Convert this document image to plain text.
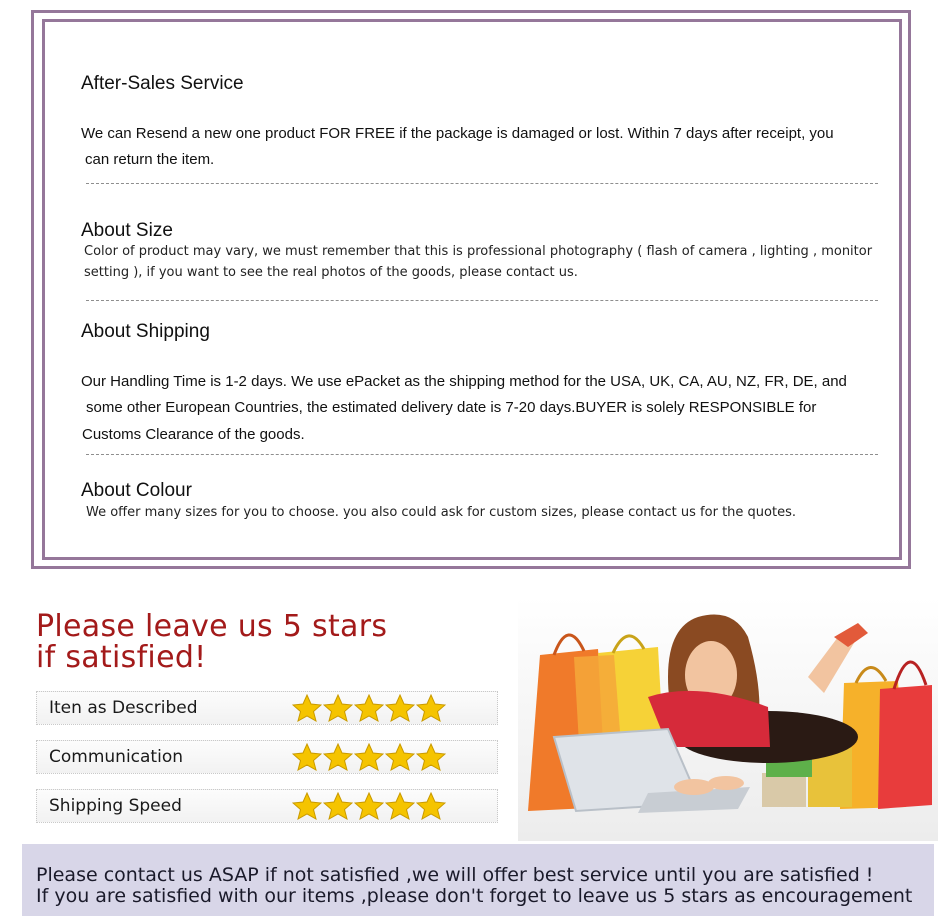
After-Sales Service
We can Resend a new one product FOR FREE if the package is damaged or lost. Within 7 days after receipt, you
can return the item.
About Size
Color of product may vary, we must remember that this is professional photography ( flash of camera , lighting , monitor
setting ), if you want to see the real photos of the goods, please contact us.
About Shipping
Our Handling Time is 1-2 days. We use ePacket as the shipping method for the USA, UK, CA, AU, NZ, FR, DE, and
some other European Countries, the estimated delivery date is 7-20 days.BUYER is solely RESPONSIBLE for
Customs Clearance of the goods.
About Colour
We offer many sizes for you to choose. you also could ask for custom sizes, please contact us for the quotes.
Please leave us 5 stars
if satisfied!
Iten as Described
Communication
Shipping Speed
Please contact us ASAP if not satisfied ,we will offer best service until you are satisfied !
If you are satisfied with our items ,please don't forget to leave us 5 stars as encouragement
